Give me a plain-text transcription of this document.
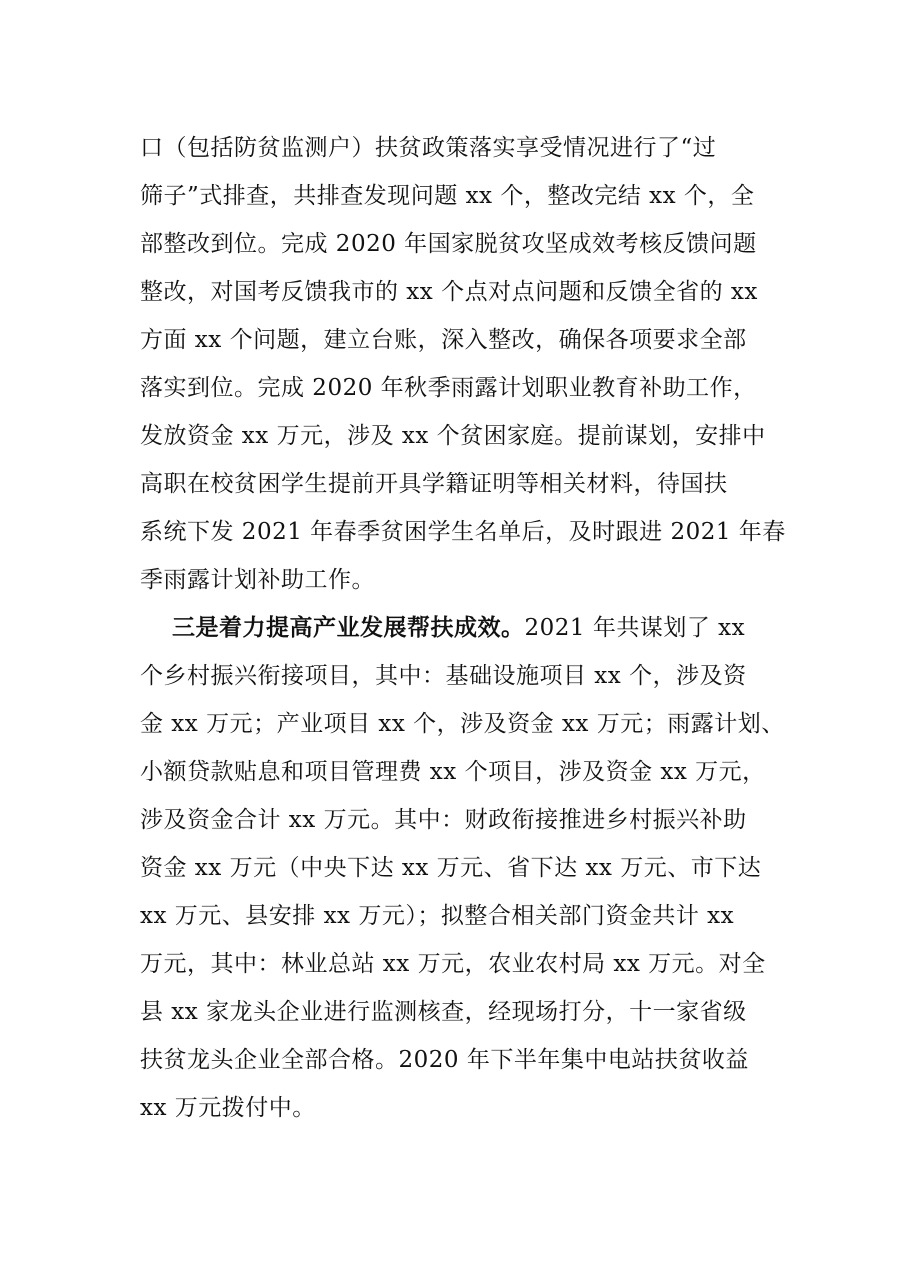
口（包括防贫监测户）扶贫政策落实享受情况进行了“过
筛子”式排查，共排查发现问题 xx 个，整改完结 xx 个，全
部整改到位。完成 2020 年国家脱贫攻坚成效考核反馈问题
整改，对国考反馈我市的 xx 个点对点问题和反馈全省的 xx
方面 xx 个问题，建立台账，深入整改，确保各项要求全部
落实到位。完成 2020 年秋季雨露计划职业教育补助工作，
发放资金 xx 万元，涉及 xx 个贫困家庭。提前谋划，安排中
高职在校贫困学生提前开具学籍证明等相关材料，待国扶
系统下发 2021 年春季贫困学生名单后，及时跟进 2021 年春
季雨露计划补助工作。
三是着力提高产业发展帮扶成效。2021 年共谋划了 xx
个乡村振兴衔接项目，其中：基础设施项目 xx 个，涉及资
金 xx 万元；产业项目 xx 个，涉及资金 xx 万元；雨露计划、
小额贷款贴息和项目管理费 xx 个项目，涉及资金 xx 万元，
涉及资金合计 xx 万元。其中：财政衔接推进乡村振兴补助
资金 xx 万元（中央下达 xx 万元、省下达 xx 万元、市下达
xx 万元、县安排 xx 万元）；拟整合相关部门资金共计 xx
万元，其中：林业总站 xx 万元，农业农村局 xx 万元。对全
县 xx 家龙头企业进行监测核查，经现场打分，十一家省级
扶贫龙头企业全部合格。2020 年下半年集中电站扶贫收益
xx 万元拨付中。
